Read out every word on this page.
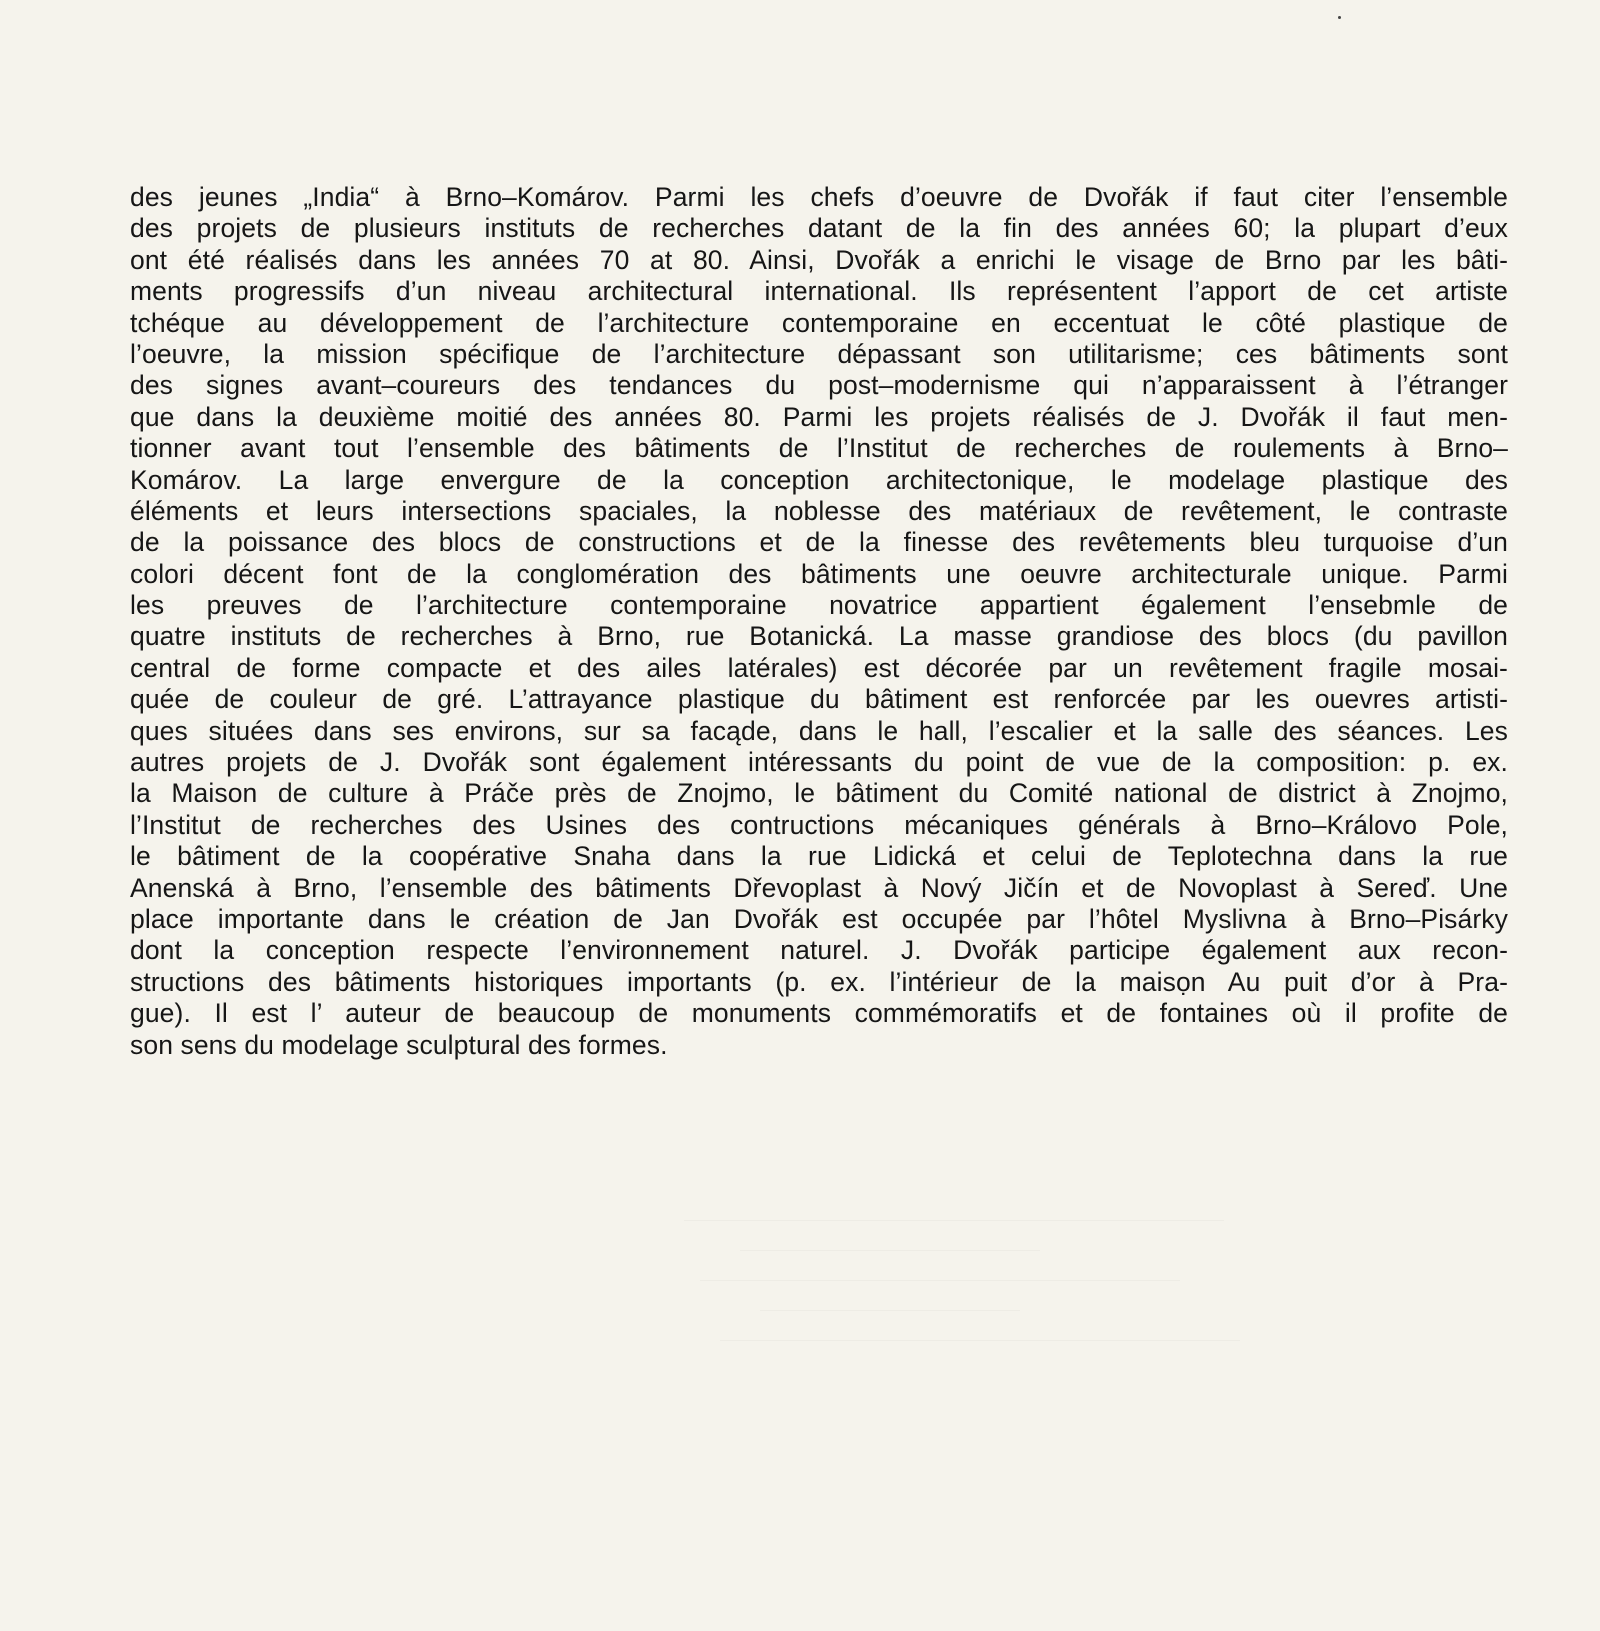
des jeunes „India“ à Brno–Komárov. Parmi les chefs d’oeuvre de Dvořák if faut citer l’ensemble
des projets de plusieurs instituts de recherches datant de la fin des années 60; la plupart d’eux
ont été réalisés dans les années 70 at 80. Ainsi, Dvořák a enrichi le visage de Brno par les bâti-
ments progressifs d’un niveau architectural international. Ils représentent l’apport de cet artiste
tchéque au développement de l’architecture contemporaine en eccentuat le côté plastique de
l’oeuvre, la mission spécifique de l’architecture dépassant son utilitarisme; ces bâtiments sont
des signes avant–coureurs des tendances du post–modernisme qui n’apparaissent à l’étranger
que dans la deuxième moitié des années 80. Parmi les projets réalisés de J. Dvořák il faut men-
tionner avant tout l’ensemble des bâtiments de l’Institut de recherches de roulements à Brno–
Komárov. La large envergure de la conception architectonique, le modelage plastique des
éléments et leurs intersections spaciales, la noblesse des matériaux de revêtement, le contraste
de la poissance des blocs de constructions et de la finesse des revêtements bleu turquoise d’un
colori décent font de la conglomération des bâtiments une oeuvre architecturale unique. Parmi
les preuves de l’architecture contemporaine novatrice appartient également l’ensebmle de
quatre instituts de recherches à Brno, rue Botanická. La masse grandiose des blocs (du pavillon
central de forme compacte et des ailes latérales) est décorée par un revêtement fragile mosai-
quée de couleur de gré. L’attrayance plastique du bâtiment est renforcée par les ouevres artisti-
ques situées dans ses environs, sur sa facąde, dans le hall, l’escalier et la salle des séances. Les
autres projets de J. Dvořák sont également intéressants du point de vue de la composition: p. ex.
la Maison de culture à Práče près de Znojmo, le bâtiment du Comité national de district à Znojmo,
l’Institut de recherches des Usines des contructions mécaniques générals à Brno–Královo Pole,
le bâtiment de la coopérative Snaha dans la rue Lidická et celui de Teplotechna dans la rue
Anenská à Brno, l’ensemble des bâtiments Dřevoplast à Nový Jičín et de Novoplast à Sereď. Une
place importante dans le création de Jan Dvořák est occupée par l’hôtel Myslivna à Brno–Pisárky
dont la conception respecte l’environnement naturel. J. Dvořák participe également aux recon-
structions des bâtiments historiques importants (p. ex. l’intérieur de la maisọn Au puit d’or à Pra-
gue). Il est l’ auteur de beaucoup de monuments commémoratifs et de fontaines où il profite de
son sens du modelage sculptural des formes.
